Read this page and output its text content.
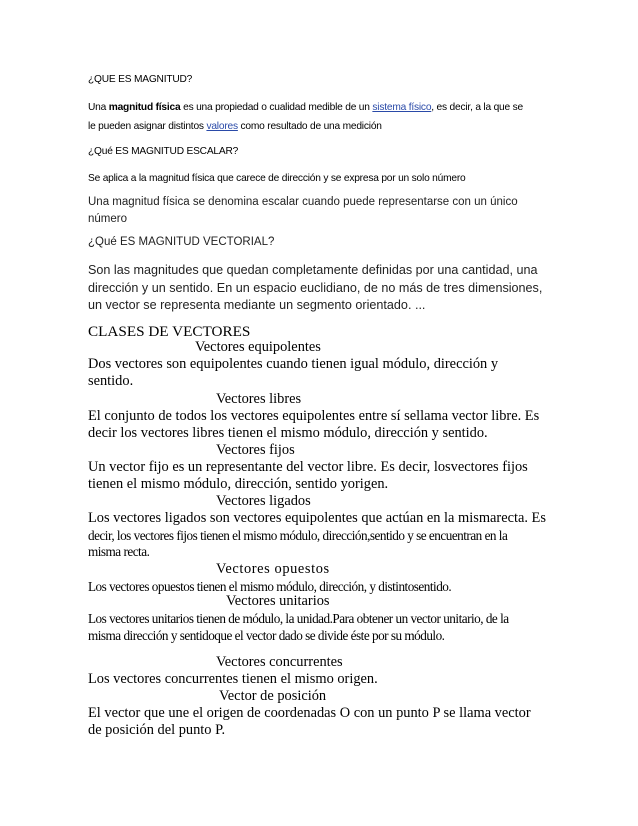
¿QUE ES MAGNITUD?

Una magnitud física es una propiedad o cualidad medible de un sistema físico, es decir, a la que se

le pueden asignar distintos valores como resultado de una medición

¿Qué ES MAGNITUD ESCALAR?

Se aplica a la magnitud física que carece de dirección y se expresa por un solo número

Una magnitud física se denomina escalar cuando puede representarse con un único

número

¿Qué ES MAGNITUD VECTORIAL?

Son las magnitudes que quedan completamente definidas por una cantidad, una

dirección y un sentido. En un espacio euclidiano, de no más de tres dimensiones,

un vector se representa mediante un segmento orientado. ...

CLASES DE VECTORES

Vectores equipolentes

Dos vectores son equipolentes cuando tienen igual módulo, dirección y

sentido.

Vectores libres

El conjunto de todos los vectores equipolentes entre sí sellama vector libre. Es

decir los vectores libres tienen el mismo módulo, dirección y sentido.

Vectores fijos

Un vector fijo es un representante del vector libre. Es decir, losvectores fijos

tienen el mismo módulo, dirección, sentido yorigen.

Vectores ligados

Los vectores ligados son vectores equipolentes que actúan en la mismarecta. Es

decir, los vectores fijos tienen el mismo módulo, dirección,sentido y se encuentran en la

misma recta.

Vectores opuestos

Los vectores opuestos tienen el mismo módulo, dirección, y distintosentido.

Vectores unitarios

Los vectores unitarios tienen de módulo, la unidad.Para obtener un vector unitario, de la

misma dirección y sentidoque el vector dado se divide éste por su módulo.

Vectores concurrentes

Los vectores concurrentes tienen el mismo origen.

Vector de posición

El vector que une el origen de coordenadas O con un punto P se llama vector

de posición del punto P.
